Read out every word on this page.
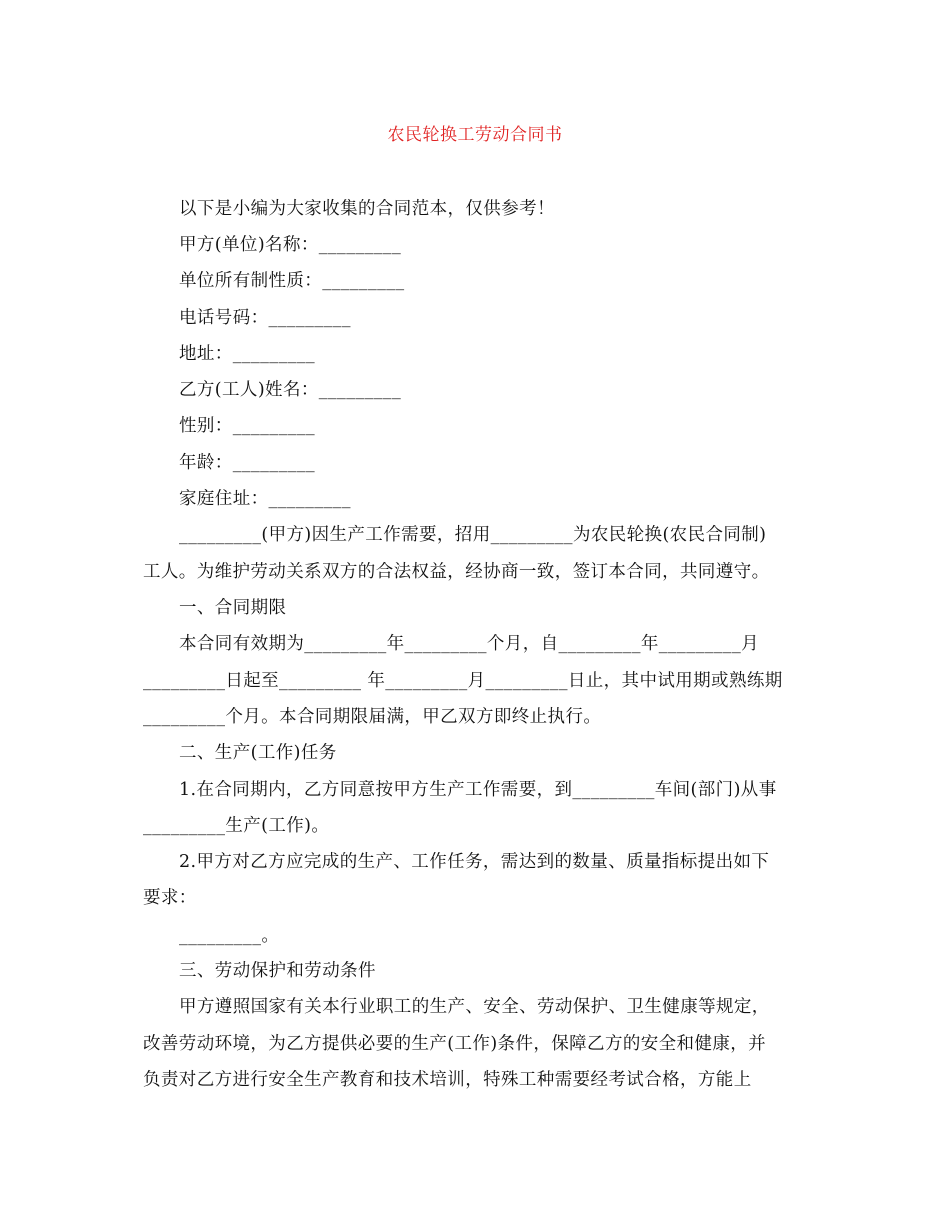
农民轮换工劳动合同书
以下是小编为大家收集的合同范本，仅供参考！
甲方(单位)名称：_________
单位所有制性质：_________
电话号码：_________
地址：_________
乙方(工人)姓名：_________
性别：_________
年龄：_________
家庭住址：_________
_________(甲方)因生产工作需要，招用_________为农民轮换(农民合同制)
工人。为维护劳动关系双方的合法权益，经协商一致，签订本合同，共同遵守。
一、合同期限
本合同有效期为_________年_________个月，自_________年_________月
_________日起至_________ 年_________月_________日止，其中试用期或熟练期
_________个月。本合同期限届满，甲乙双方即终止执行。
二、生产(工作)任务
1.在合同期内，乙方同意按甲方生产工作需要，到_________车间(部门)从事
_________生产(工作)。
2.甲方对乙方应完成的生产、工作任务，需达到的数量、质量指标提出如下
要求：
_________。
三、劳动保护和劳动条件
甲方遵照国家有关本行业职工的生产、安全、劳动保护、卫生健康等规定，
改善劳动环境，为乙方提供必要的生产(工作)条件，保障乙方的安全和健康，并
负责对乙方进行安全生产教育和技术培训，特殊工种需要经考试合格，方能上
